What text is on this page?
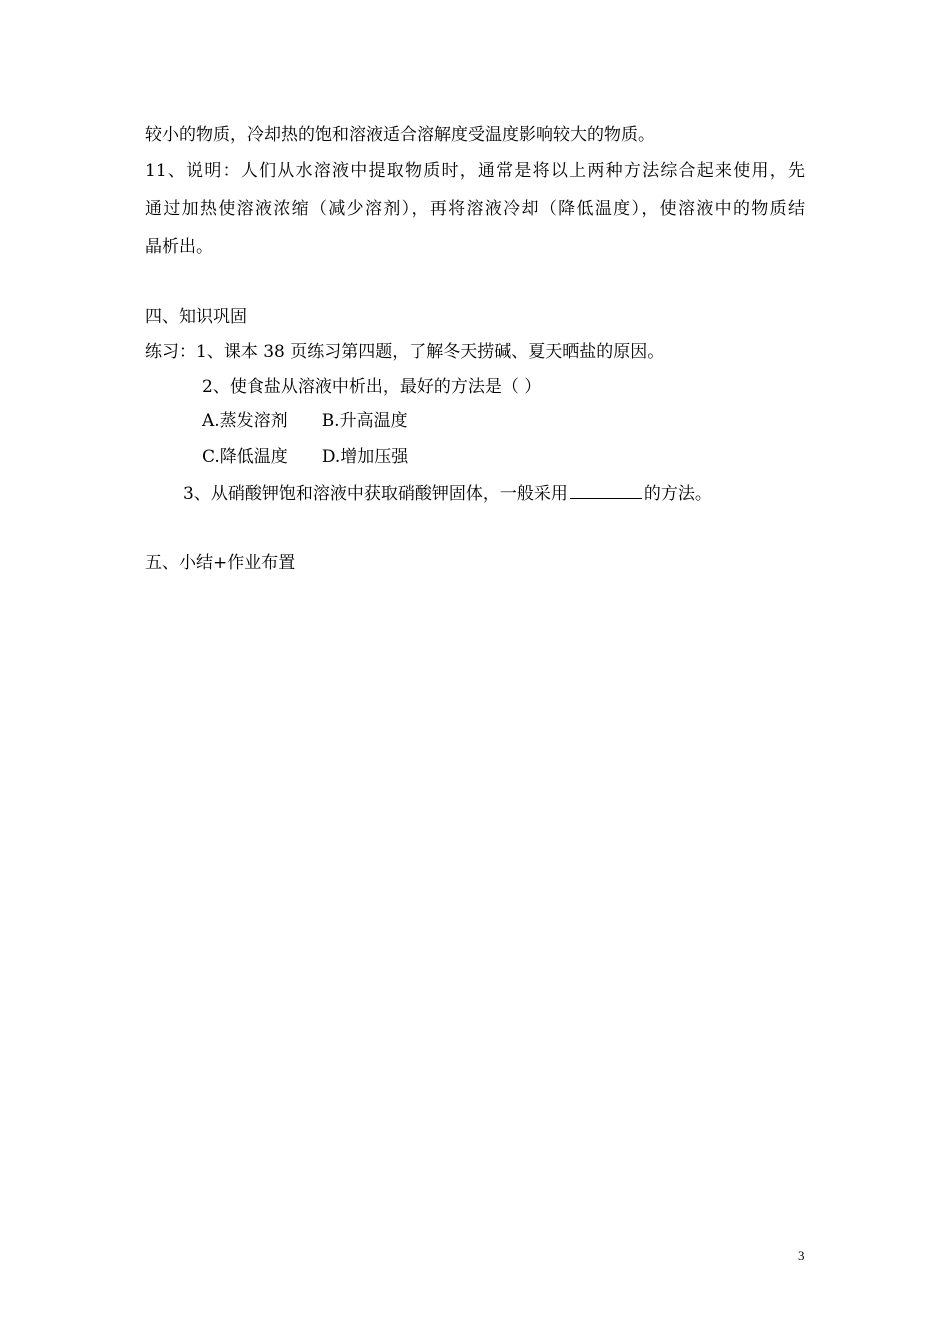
较小的物质，冷却热的饱和溶液适合溶解度受温度影响较大的物质。
11、说明：人们从水溶液中提取物质时，通常是将以上两种方法综合起来使用，先
通过加热使溶液浓缩（减少溶剂），再将溶液冷却（降低温度），使溶液中的物质结
晶析出。
四、知识巩固
练习：1、课本 38 页练习第四题，了解冬天捞碱、夏天晒盐的原因。
2、使食盐从溶液中析出，最好的方法是（ ）
A.蒸发溶剂 B.升高温度
C.降低温度 D.增加压强
3、从硝酸钾饱和溶液中获取硝酸钾固体，一般采用	的方法。
五、小结+作业布置
3
